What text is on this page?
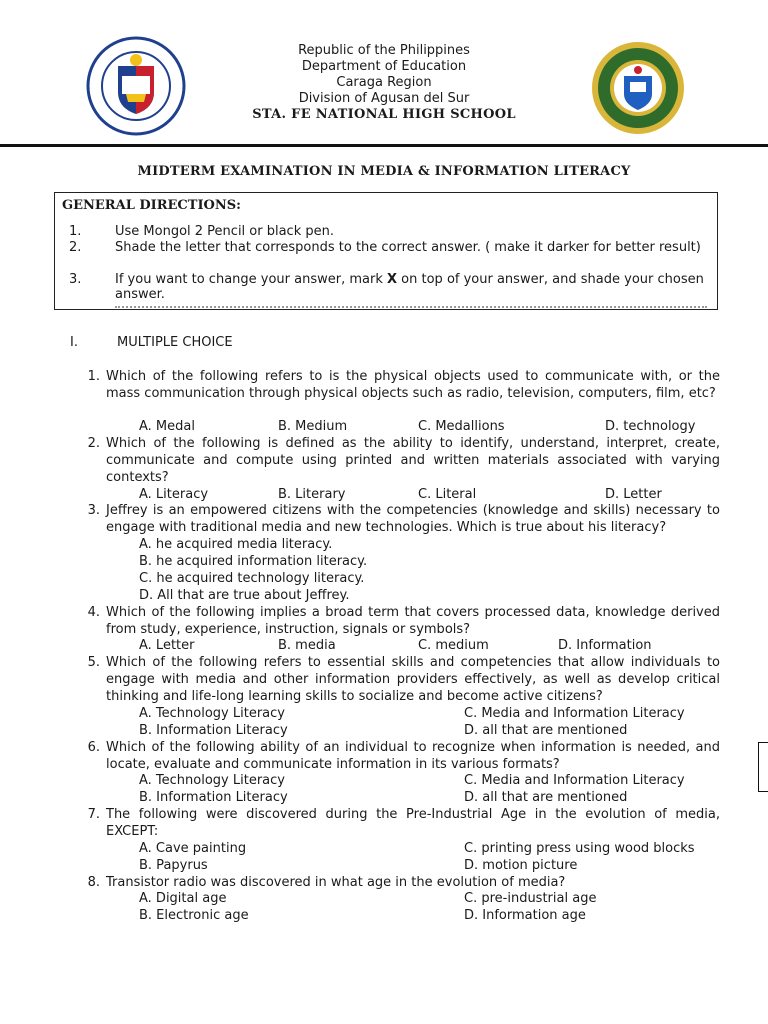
Republic of the Philippines
Department of Education
Caraga Region
Division of Agusan del Sur
STA. FE NATIONAL HIGH SCHOOL
MIDTERM EXAMINATION IN MEDIA & INFORMATION LITERACY
GENERAL DIRECTIONS:
1.	Use Mongol 2 Pencil or black pen.
2.	Shade the letter that corresponds to the correct answer. ( make it darker for better result)
3.	If you want to change your answer, mark X on top of your answer, and shade your chosen answer.
I.	MULTIPLE CHOICE
1. Which of the following refers to is the physical objects used to communicate with, or the mass communication through physical objects such as radio, television, computers, film, etc?
A. Medal	B. Medium	C. Medallions	D. technology
2. Which of the following is defined as the ability to identify, understand, interpret, create, communicate and compute using printed and written materials associated with varying contexts?
A. Literacy	B. Literary	C. Literal	D. Letter
3. Jeffrey is an empowered citizens with the competencies (knowledge and skills) necessary to engage with traditional media and new technologies. Which is true about his literacy?
A. he acquired media literacy.
B. he acquired information literacy.
C. he acquired technology literacy.
D. All that are true about Jeffrey.
4. Which of the following implies a broad term that covers processed data, knowledge derived from study, experience, instruction, signals or symbols?
A. Letter	B. media	C. medium	D. Information
5. Which of the following refers to essential skills and competencies that allow individuals to engage with media and other information providers effectively, as well as develop critical thinking and life-long learning skills to socialize and become active citizens?
A. Technology Literacy	C. Media and Information Literacy
B. Information Literacy	D. all that are mentioned
6. Which of the following ability of an individual to recognize when information is needed, and locate, evaluate and communicate information in its various formats?
A. Technology Literacy	C. Media and Information Literacy
B. Information Literacy	D. all that are mentioned
7. The following were discovered during the Pre-Industrial Age in the evolution of media, EXCEPT:
A. Cave painting	C. printing press using wood blocks
B. Papyrus	D. motion picture
8. Transistor radio was discovered in what age in the evolution of media?
A. Digital age	C. pre-industrial age
B. Electronic age	D. Information age
